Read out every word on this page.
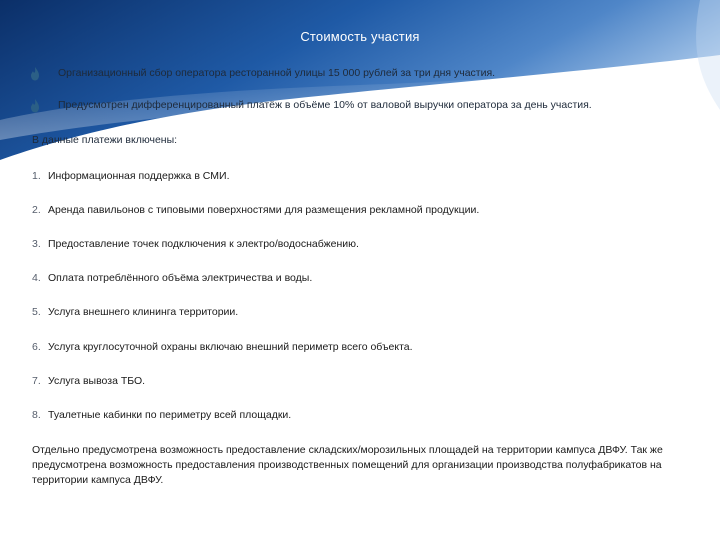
Стоимость участия
Организационный сбор оператора ресторанной улицы 15 000 рублей за три дня участия.
Предусмотрен дифференцированный платёж в объёме 10% от валовой выручки оператора за день участия.
В данные платежи включены:
1. Информационная поддержка в СМИ.
2. Аренда павильонов с типовыми поверхностями для размещения рекламной продукции.
3. Предоставление точек подключения к электро/водоснабжению.
4. Оплата потреблённого объёма электричества и воды.
5. Услуга внешнего клининга территории.
6. Услуга круглосуточной охраны включаю внешний периметр всего объекта.
7. Услуга вывоза ТБО.
8. Туалетные кабинки по периметру всей площадки.
Отдельно предусмотрена возможность предоставление складских/морозильных площадей на территории кампуса ДВФУ. Так же предусмотрена возможность предоставления производственных помещений для организации производства полуфабрикатов на территории кампуса ДВФУ.
